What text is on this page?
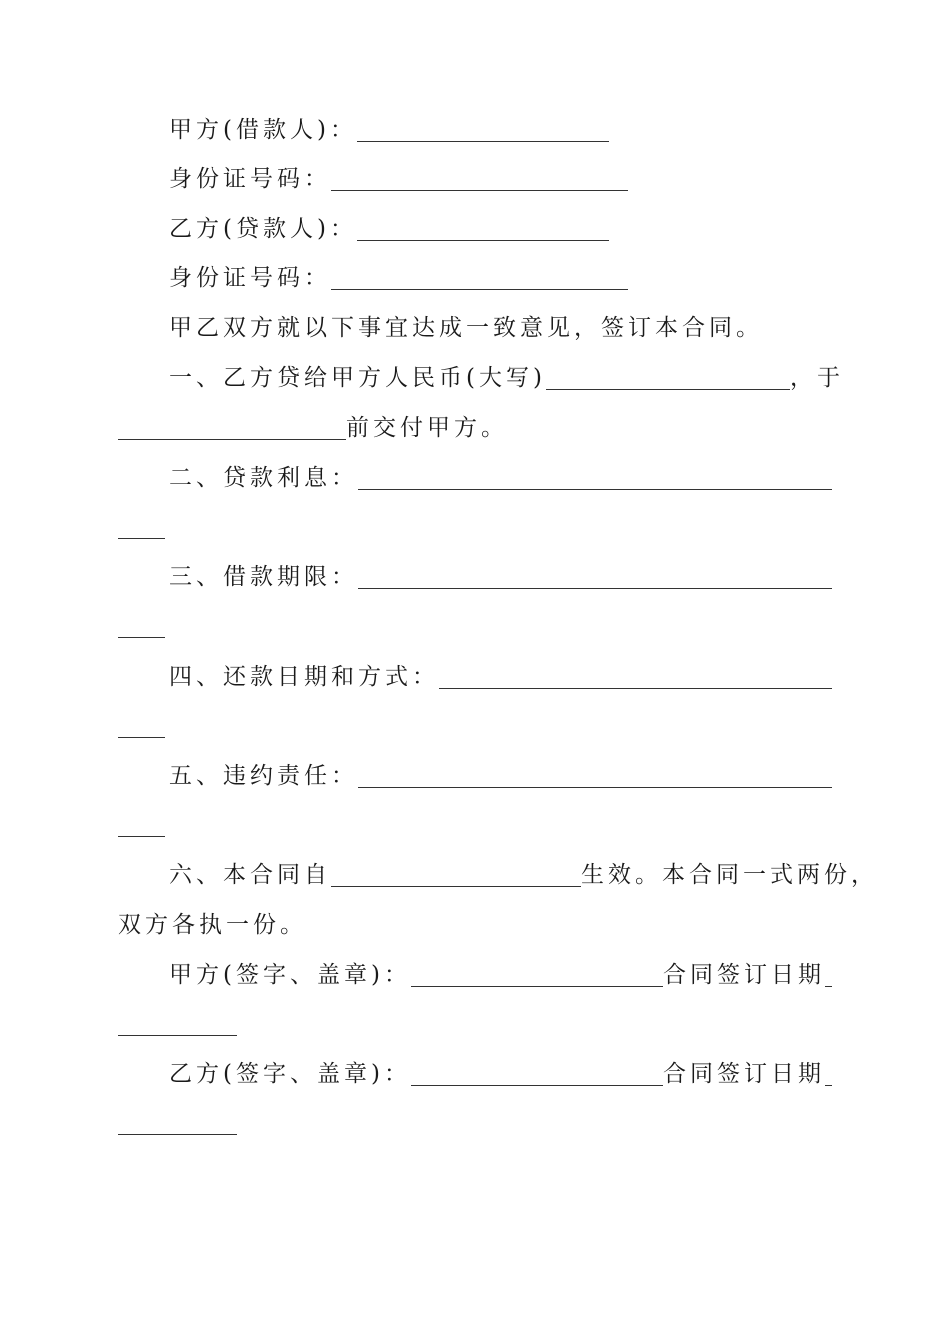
甲方(借款人)：
身份证号码：
乙方(贷款人)：
身份证号码：
甲乙双方就以下事宜达成一致意见，签订本合同。
一、乙方贷给甲方人民币(大写)	，于
前交付甲方。
二、贷款利息：
三、借款期限：
四、还款日期和方式：
五、违约责任：
六、本合同自	生效。本合同一式两份，
双方各执一份。
甲方(签字、盖章)：	合同签订日期
乙方(签字、盖章)：	合同签订日期
